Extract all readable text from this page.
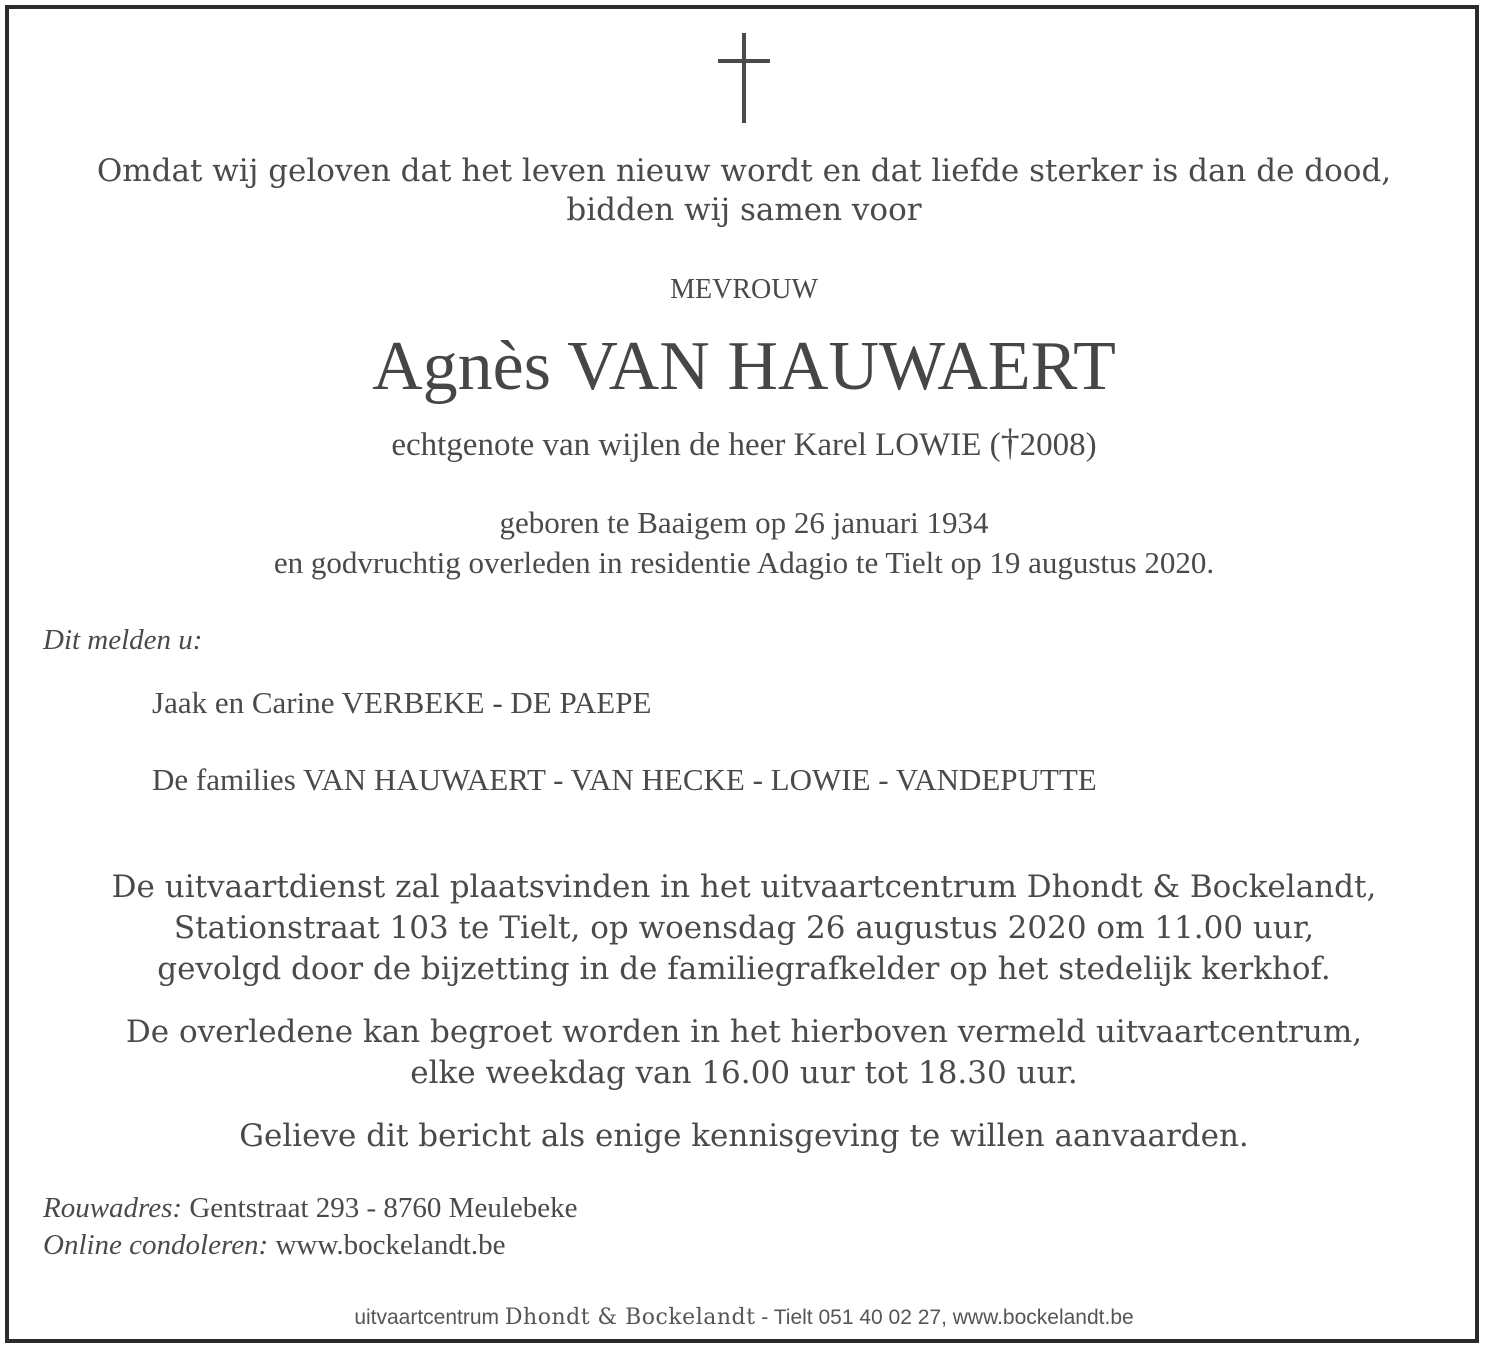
Omdat wij geloven dat het leven nieuw wordt en dat liefde sterker is dan de dood,
bidden wij samen voor
MEVROUW
Agnès VAN HAUWAERT
echtgenote van wijlen de heer Karel LOWIE (†2008)
geboren te Baaigem op 26 januari 1934
en godvruchtig overleden in residentie Adagio te Tielt op 19 augustus 2020.
Dit melden u:
Jaak en Carine VERBEKE - DE PAEPE
De families VAN HAUWAERT - VAN HECKE - LOWIE - VANDEPUTTE
De uitvaartdienst zal plaatsvinden in het uitvaartcentrum Dhondt & Bockelandt,
Stationstraat 103 te Tielt, op woensdag 26 augustus 2020 om 11.00 uur,
gevolgd door de bijzetting in de familiegrafkelder op het stedelijk kerkhof.
De overledene kan begroet worden in het hierboven vermeld uitvaartcentrum,
elke weekdag van 16.00 uur tot 18.30 uur.
Gelieve dit bericht als enige kennisgeving te willen aanvaarden.
Rouwadres: Gentstraat 293 - 8760 Meulebeke
Online condoleren: www.bockelandt.be
uitvaartcentrum Dhondt & Bockelandt - Tielt 051 40 02 27, www.bockelandt.be
